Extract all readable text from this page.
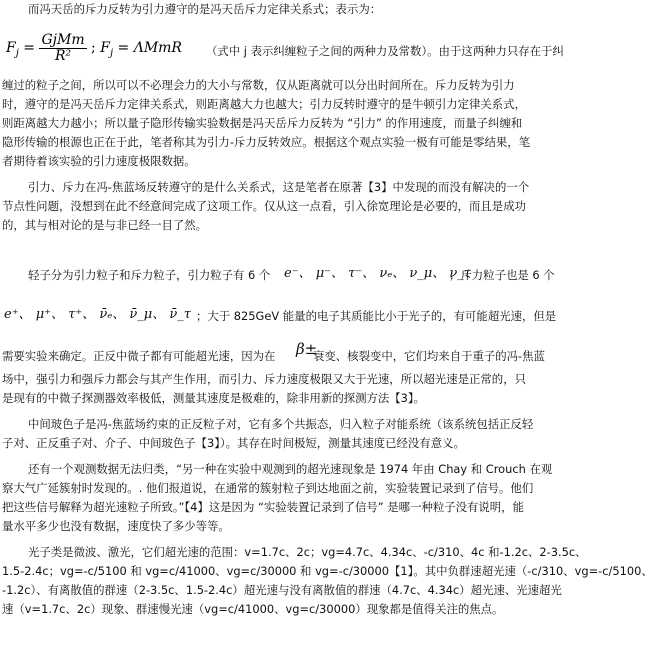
而冯天岳的斥力反转为引力遵守的是冯天岳斥力定律关系式；表示为：
（式中 j 表示纠缠粒子之间的两种力及常数）。由于这两种力只存在于纠
缠过的粒子之间，所以可以不必理会力的大小与常数，仅从距离就可以分出时间所在。斥力反转为引力
时，遵守的是冯天岳斥力定律关系式，则距离越大力也越大；引力反转时遵守的是牛顿引力定律关系式，
则距离越大力越小；所以量子隐形传输实验数据是冯天岳斥力反转为 “引力” 的作用速度，而量子纠缠和
隐形传输的根源也正在于此，笔者称其为引力-斥力反转效应。根据这个观点实验一极有可能是零结果，笔
者期待着该实验的引力速度极限数据。
引力、斥力在冯-焦蓝场反转遵守的是什么关系式，这是笔者在原著【3】中发现的而没有解决的一个
节点性问题，没想到在此不经意间完成了这项工作。仅从这一点看，引入徐宽理论是必要的，而且是成功
的，其与相对论的是与非已经一目了然。
轻子分为引力粒子和斥力粒子，引力粒子有 6 个	；斥力粒子也是 6 个
；大于 825GeV 能量的电子其质能比小于光子的，有可能超光速，但是
需要实验来确定。正反中微子都有可能超光速，因为在	衰变、核裂变中，它们均来自于重子的冯-焦蓝
场中，强引力和强斥力都会与其产生作用，而引力、斥力速度极限又大于光速，所以超光速是正常的，只
是现有的中微子探测器效率极低，测量其速度是极难的，除非用新的探测方法【3】。
中间玻色子是冯-焦蓝场约束的正反粒子对，它有多个共振态，归入粒子对能系统（该系统包括正反轻
子对、正反重子对、介子、中间玻色子【3】）。其存在时间极短，测量其速度已经没有意义。
还有一个观测数据无法归类，“另一种在实验中观测到的超光速现象是 1974 年由 Chay 和 Crouch 在观
察大气广延簇射时发现的。. 他们报道说，在通常的簇射粒子到达地面之前，实验装置记录到了信号。他们
把这些信号解释为超光速粒子所致。”【4】这是因为 “实验装置记录到了信号” 是哪一种粒子没有说明，能
量水平多少也没有数据，速度快了多少等等。
光子类是微波、激光，它们超光速的范围：v=1.7c、2c；vg=4.7c、4.34c、-c/310、4c 和-1.2c、2-3.5c、
1.5-2.4c；vg=-c/5100 和 vg=c/41000、vg=c/30000 和 vg=-c/30000【1】。其中负群速超光速（-c/310、vg=-c/5100、
-1.2c）、有离散值的群速（2-3.5c、1.5-2.4c）超光速与没有离散值的群速（4.7c、4.34c）超光速、光速超光
速（v=1.7c、2c）现象、群速慢光速（vg=c/41000、vg=c/30000）现象都是值得关注的焦点。
$F_j = \frac{\text{GjMm}}{\text{R²}}$ ; $F_j = \Lambda MmR$
e⁻、 μ⁻、 τ⁻、 νₑ、 ν_μ、 ν_τ
e⁺、 μ⁺、 τ⁺、 ν̄ₑ、 ν̄_μ、 ν̄_τ
β±
